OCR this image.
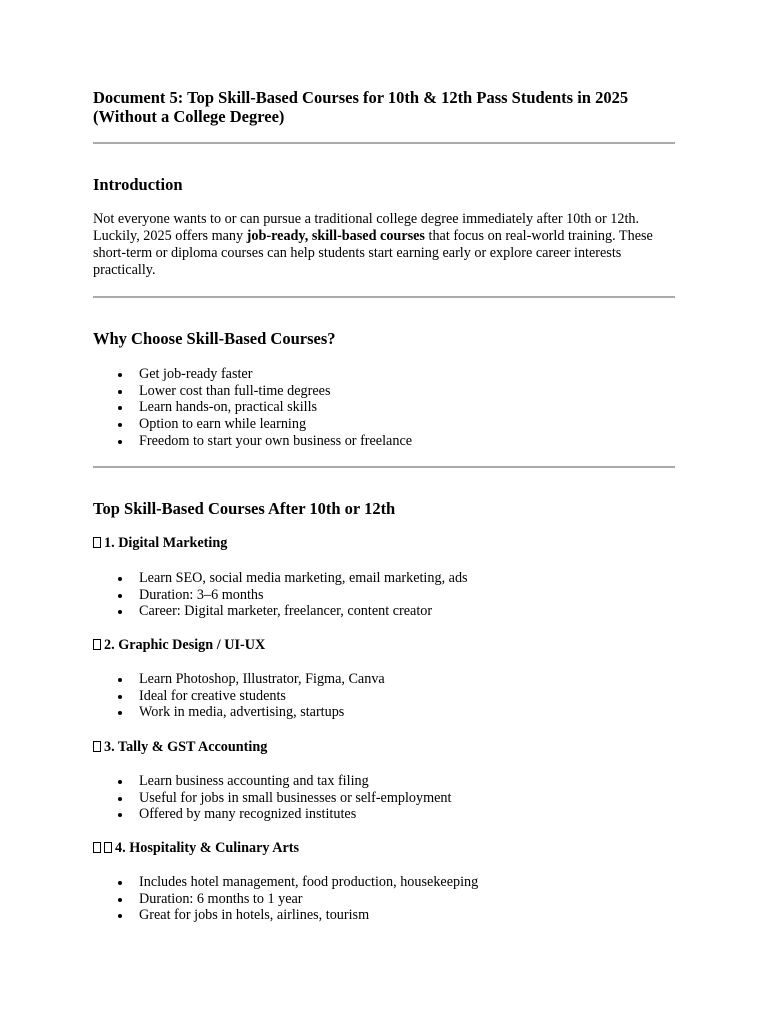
Document 5: Top Skill-Based Courses for 10th & 12th Pass Students in 2025 (Without a College Degree)
Introduction

Not everyone wants to or can pursue a traditional college degree immediately after 10th or 12th. Luckily, 2025 offers many job-ready, skill-based courses that focus on real-world training. These short-term or diploma courses can help students start earning early or explore career interests practically.

Why Choose Skill-Based Courses?
Get job-ready faster
Lower cost than full-time degrees
Learn hands-on, practical skills
Option to earn while learning
Freedom to start your own business or freelance
Top Skill-Based Courses After 10th or 12th
1. Digital Marketing
Learn SEO, social media marketing, email marketing, ads
Duration: 3–6 months
Career: Digital marketer, freelancer, content creator
2. Graphic Design / UI-UX
Learn Photoshop, Illustrator, Figma, Canva
Ideal for creative students
Work in media, advertising, startups
3. Tally & GST Accounting
Learn business accounting and tax filing
Useful for jobs in small businesses or self-employment
Offered by many recognized institutes
4. Hospitality & Culinary Arts
Includes hotel management, food production, housekeeping
Duration: 6 months to 1 year
Great for jobs in hotels, airlines, tourism
